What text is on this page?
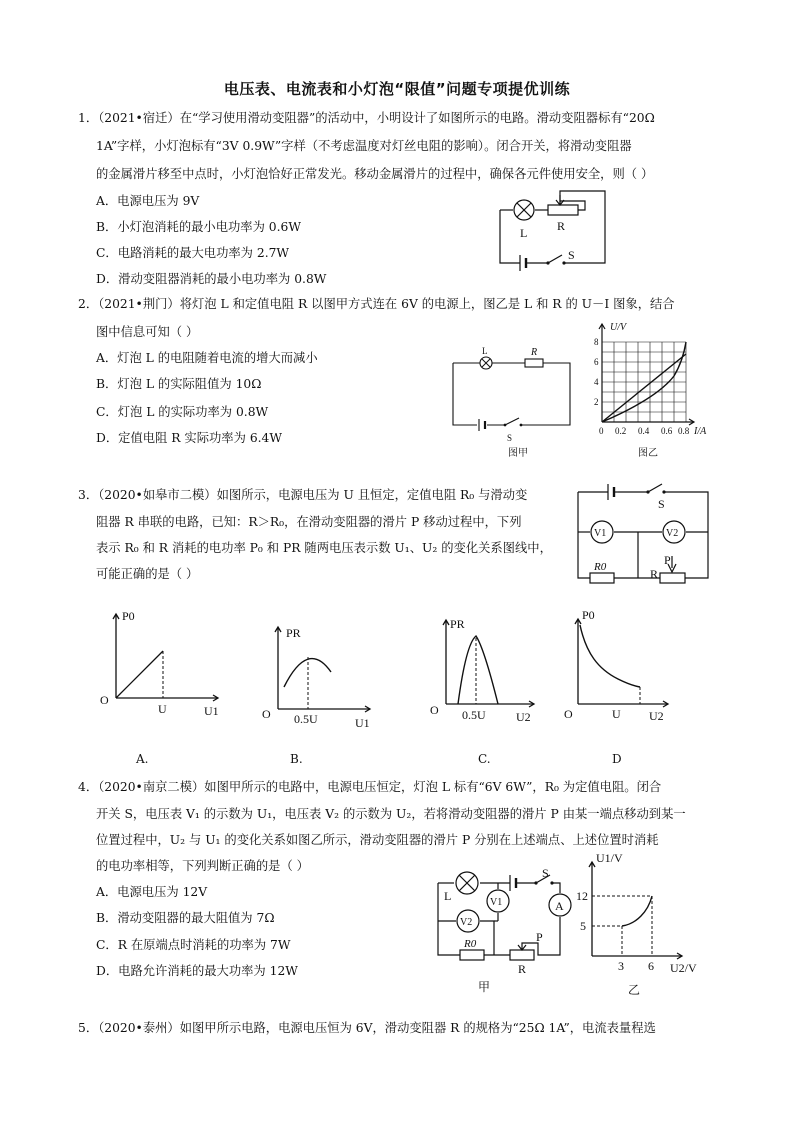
电压表、电流表和小灯泡“限值”问题专项提优训练
1．（2021•宿迁）在“学习使用滑动变阻器”的活动中，小明设计了如图所示的电路。滑动变阻器标有“20Ω
1A”字样，小灯泡标有“3V 0.9W”字样（不考虑温度对灯丝电阻的影响）。闭合开关，将滑动变阻器
的金属滑片移至中点时，小灯泡恰好正常发光。移动金属滑片的过程中，确保各元件使用安全，则（ ）
A．电源电压为 9V
B．小灯泡消耗的最小电功率为 0.6W
C．电路消耗的最大电功率为 2.7W
D．滑动变阻器消耗的最小电功率为 0.8W
L R
S
2．（2021•荆门）将灯泡 L 和定值电阻 R 以图甲方式连在 6V 的电源上，图乙是 L 和 R 的 U－I 图象，结合
图中信息可知（ ）
A．灯泡 L 的电阻随着电流的增大而减小
B．灯泡 L 的实际阻值为 10Ω
C．灯泡 L 的实际功率为 0.8W
D．定值电阻 R 实际功率为 6.4W
L	R
S
图甲
U/V
I/A
8
6
4
2
0 0.2 0.4 0.6 0.8
图乙
3．（2020•如皋市二模）如图所示，电源电压为 U 且恒定，定值电阻 R₀ 与滑动变
阻器 R 串联的电路，已知：R＞R₀，在滑动变阻器的滑片 P 移动过程中，下列
表示 R₀ 和 R 消耗的电功率 P₀ 和 PR 随两电压表示数 U₁、U₂ 的变化关系图线中，
可能正确的是（ ）
V1	V2
S
R0	R
P
P0
O
U	U1
A.
PR
O 0.5U	U1
B.
PR
O 0.5U	U2
C.
P0
O	U U2
D
4．（2020•南京二模）如图甲所示的电路中，电源电压恒定，灯泡 L 标有“6V 6W”，R₀ 为定值电阻。闭合
开关 S，电压表 V₁ 的示数为 U₁，电压表 V₂ 的示数为 U₂，若将滑动变阻器的滑片 P 由某一端点移动到某一
位置过程中，U₂ 与 U₁ 的变化关系如图乙所示，滑动变阻器的滑片 P 分别在上述端点、上述位置时消耗
的电功率相等，下列判断正确的是（ ）
A．电源电压为 12V
B．滑动变阻器的最大阻值为 7Ω
C．R 在原端点时消耗的功率为 7W
D．电路允许消耗的最大功率为 12W
V2
V1	A
L
S
R0
R
P
甲
U1/V
U2/V
12
5
3 6
乙
5．（2020•泰州）如图甲所示电路，电源电压恒为 6V，滑动变阻器 R 的规格为“25Ω 1A”，电流表量程选
